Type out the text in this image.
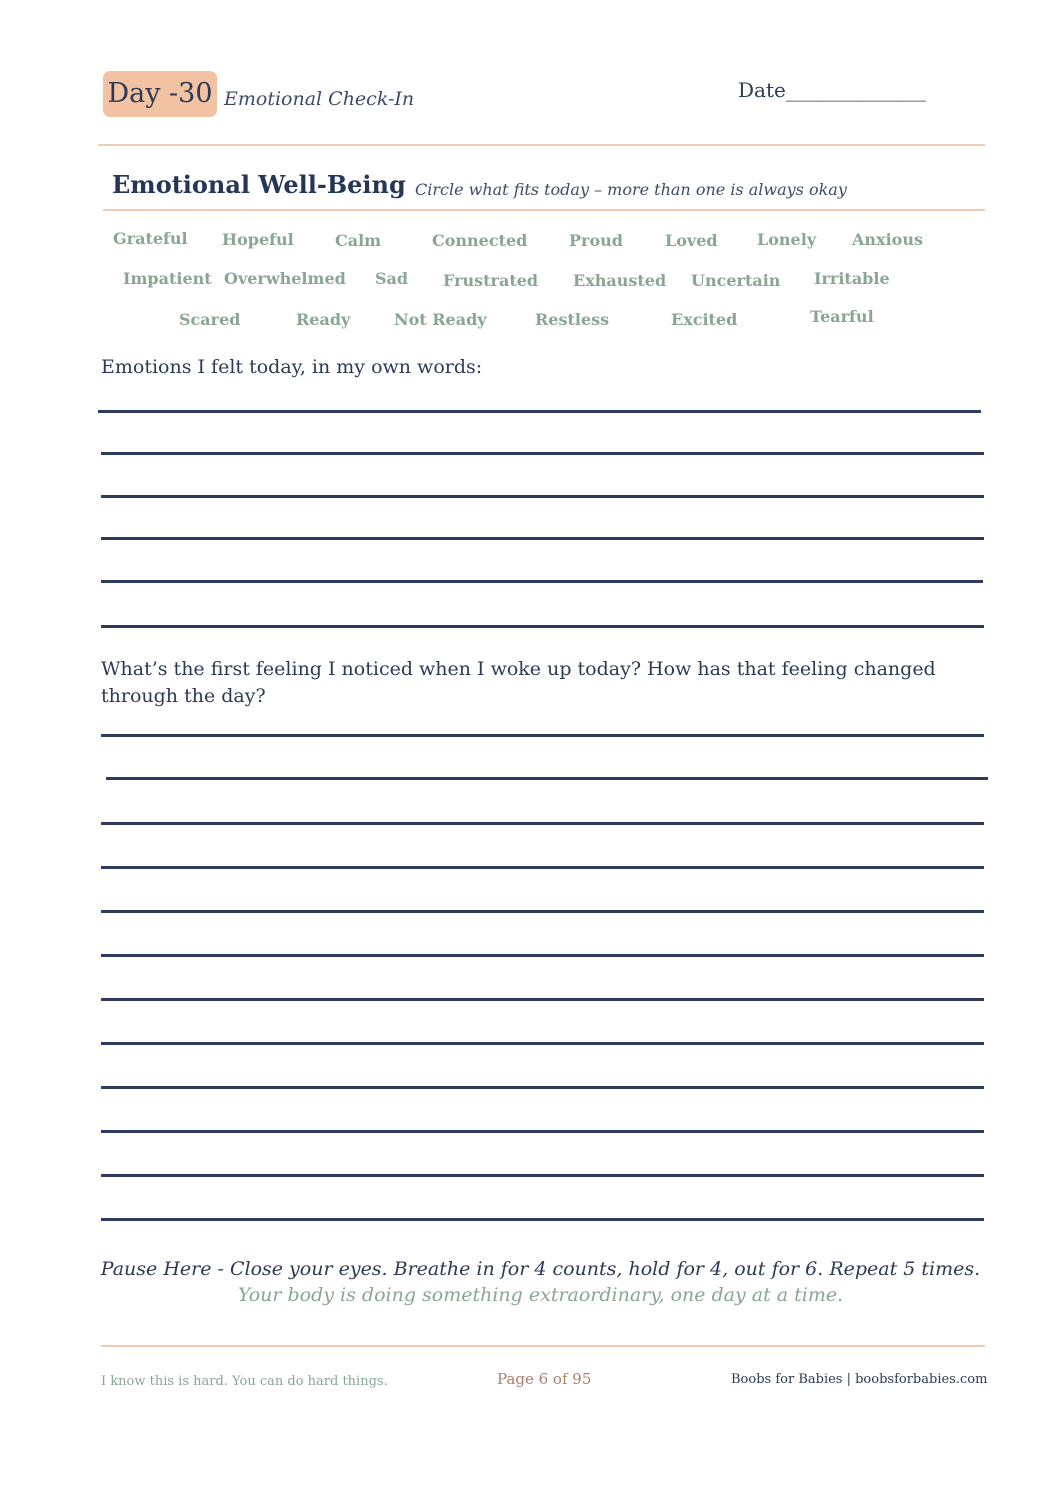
Day -30 Emotional Check-In	Date______________
Emotional Well-Being Circle what fits today – more than one is always okay
Grateful Hopeful	Calm	Connected	Proud	Loved Lonely Anxious
Impatient Overwhelmed Sad Frustrated Exhausted Uncertain Irritable
Scared	Ready	Not Ready	Restless	Excited	Tearful
Emotions I felt today, in my own words:
What’s the first feeling I noticed when I woke up today? How has that feeling changed through the day?
Pause Here - Close your eyes. Breathe in for 4 counts, hold for 4, out for 6. Repeat 5 times.
Your body is doing something extraordinary, one day at a time.
I know this is hard. You can do hard things.	Page 6 of 95	Boobs for Babies | boobsforbabies.com
